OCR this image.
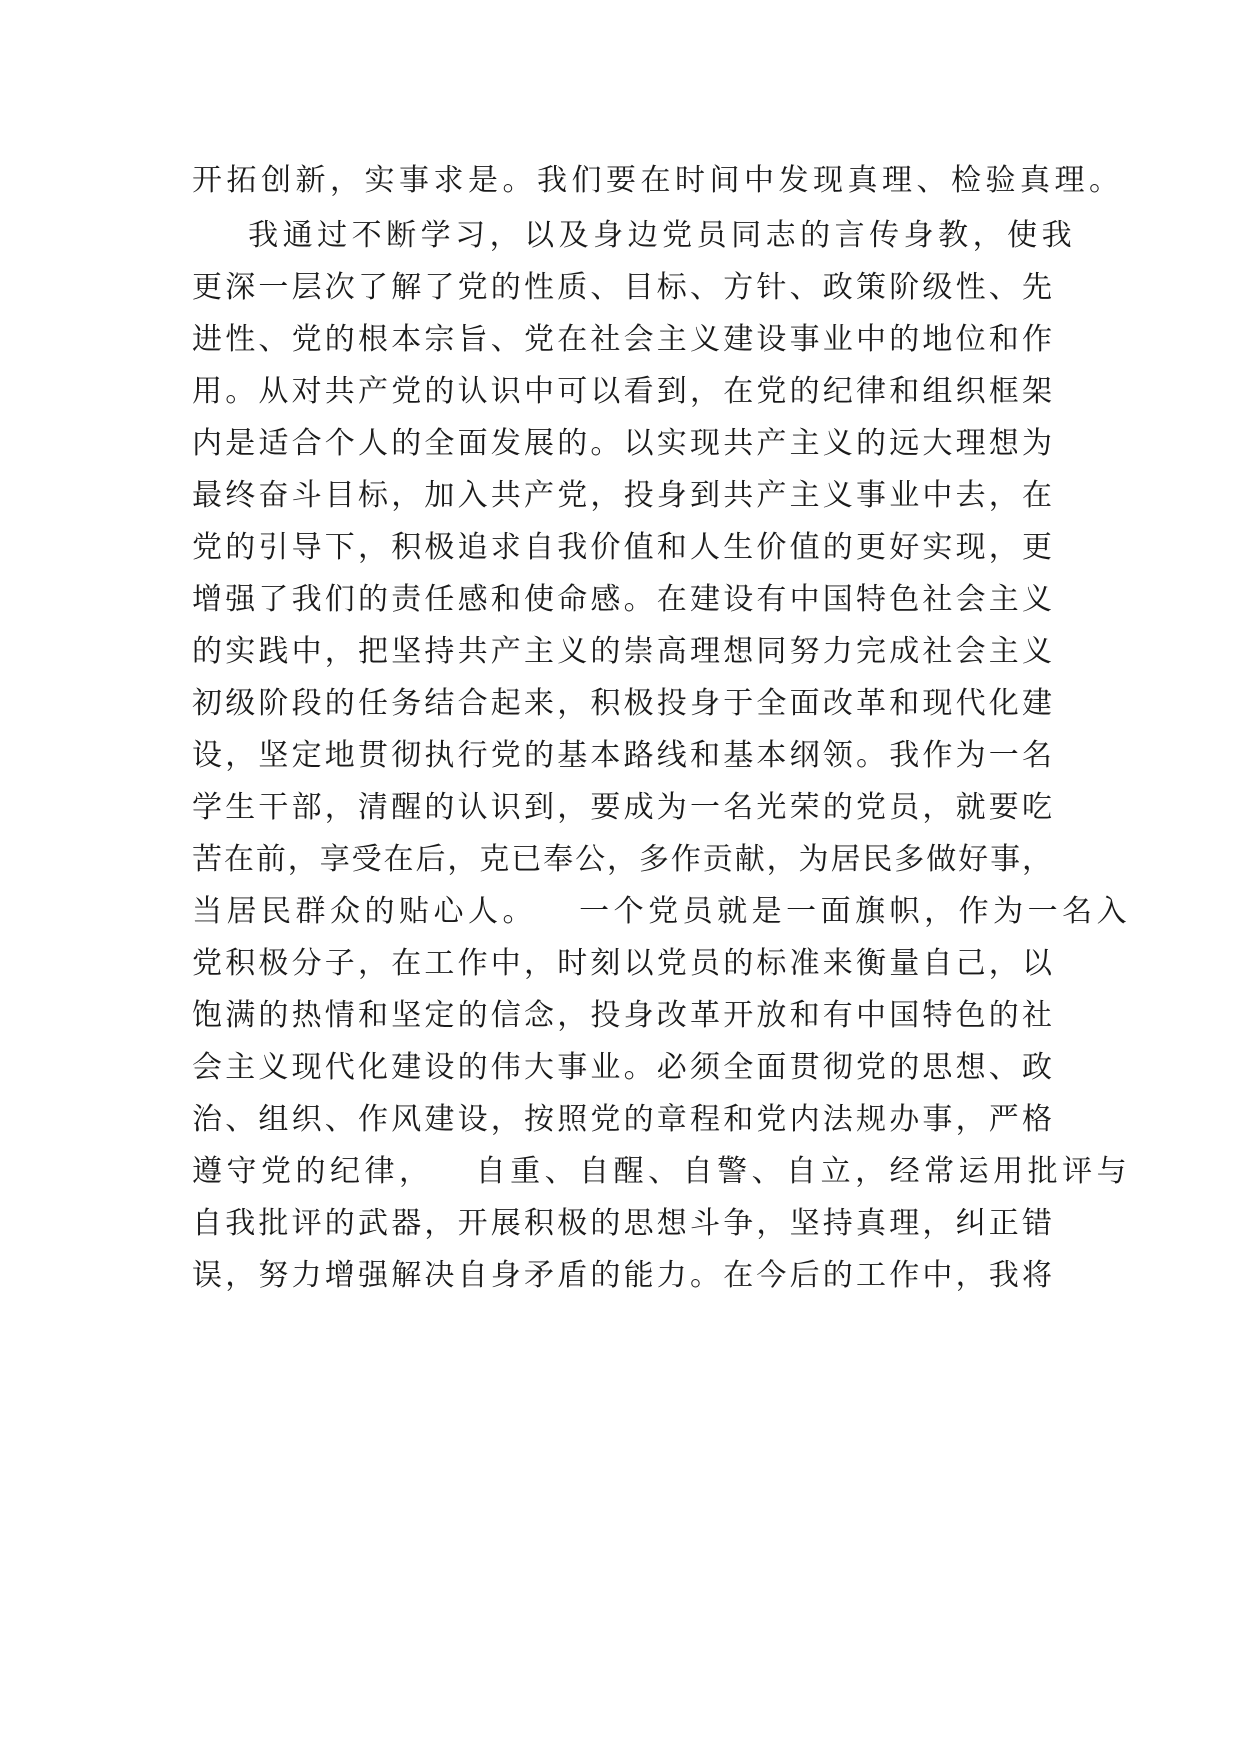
开拓创新，实事求是。我们要在时间中发现真理、检验真理。
我通过不断学习，以及身边党员同志的言传身教，使我
更深一层次了解了党的性质、目标、方针、政策阶级性、先
进性、党的根本宗旨、党在社会主义建设事业中的地位和作
用。从对共产党的认识中可以看到，在党的纪律和组织框架
内是适合个人的全面发展的。以实现共产主义的远大理想为
最终奋斗目标，加入共产党，投身到共产主义事业中去，在
党的引导下，积极追求自我价值和人生价值的更好实现，更
增强了我们的责任感和使命感。在建设有中国特色社会主义
的实践中，把坚持共产主义的崇高理想同努力完成社会主义
初级阶段的任务结合起来，积极投身于全面改革和现代化建
设，坚定地贯彻执行党的基本路线和基本纲领。我作为一名
学生干部，清醒的认识到，要成为一名光荣的党员，就要吃
苦在前，享受在后，克已奉公，多作贡献，为居民多做好事，
当居民群众的贴心人。   一个党员就是一面旗帜，作为一名入
党积极分子，在工作中，时刻以党员的标准来衡量自己，以
饱满的热情和坚定的信念，投身改革开放和有中国特色的社
会主义现代化建设的伟大事业。必须全面贯彻党的思想、政
治、组织、作风建设，按照党的章程和党内法规办事，严格
遵守党的纪律，   自重、自醒、自警、自立，经常运用批评与
自我批评的武器，开展积极的思想斗争，坚持真理，纠正错
误，努力增强解决自身矛盾的能力。在今后的工作中，我将
